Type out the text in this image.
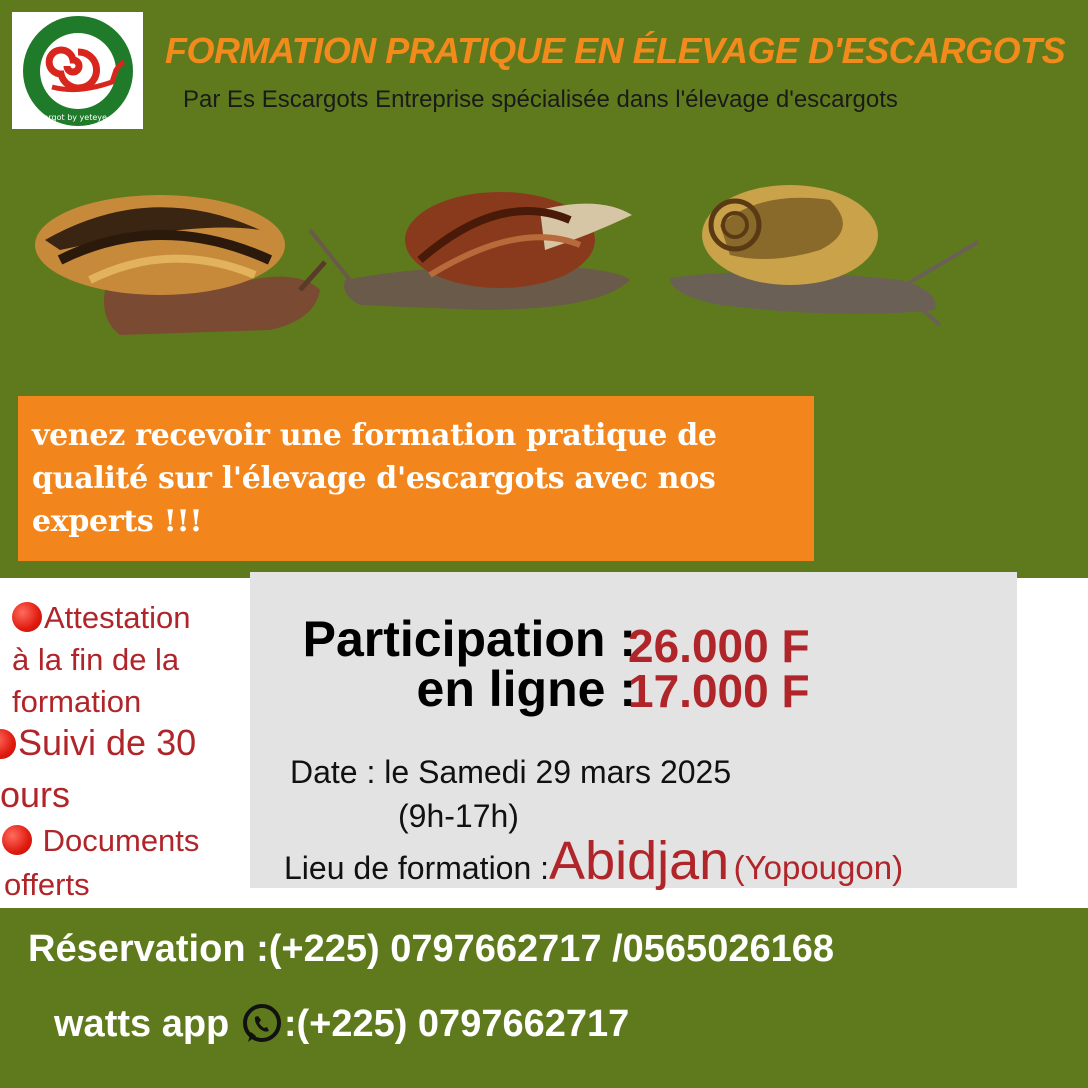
es escargot by yeteye groupe
FORMATION PRATIQUE EN ÉLEVAGE D'ESCARGOTS
Par Es Escargots Entreprise spécialisée dans l'élevage d'escargots
venez recevoir une formation pratique de qualité sur l'élevage d'escargots avec nos experts !!!
Attestation
à la fin de la
formation
Suivi de 30
ours
Documents
offerts
Participation :
en ligne :
26.000 F
17.000 F
Date : le Samedi 29 mars 2025
(9h-17h)
Lieu de formation :Abidjan (Yopougon)
Réservation :(+225) 0797662717 /0565026168
watts app :(+225) 0797662717
